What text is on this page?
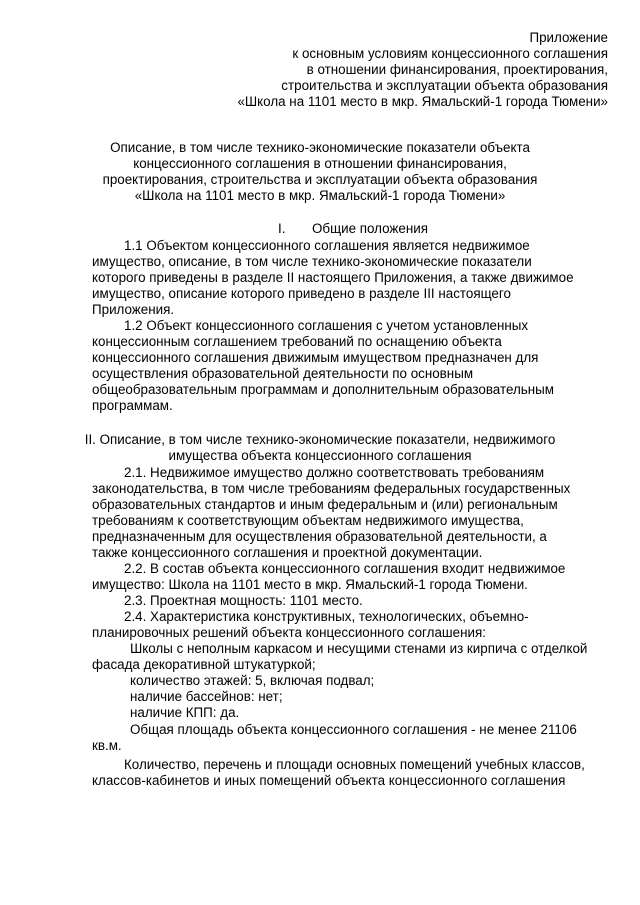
Приложение
к основным условиям концессионного соглашения
в отношении финансирования, проектирования,
строительства и эксплуатации объекта образования
«Школа на 1101 место в мкр. Ямальский-1 города Тюмени»
Описание, в том числе технико-экономические показатели объекта
концессионного соглашения в отношении финансирования,
проектирования, строительства и эксплуатации объекта образования
«Школа на 1101 место в мкр. Ямальский-1 города Тюмени»
I. Общие положения
1.1 Объектом концессионного соглашения является недвижимое
имущество, описание, в том числе технико-экономические показатели
которого приведены в разделе II настоящего Приложения, а также движимое
имущество, описание которого приведено в разделе III настоящего
Приложения.
1.2 Объект концессионного соглашения с учетом установленных
концессионным соглашением требований по оснащению объекта
концессионного соглашения движимым имуществом предназначен для
осуществления образовательной деятельности по основным
общеобразовательным программам и дополнительным образовательным
программам.
II. Описание, в том числе технико-экономические показатели, недвижимого
имущества объекта концессионного соглашения
2.1. Недвижимое имущество должно соответствовать требованиям
законодательства, в том числе требованиям федеральных государственных
образовательных стандартов и иным федеральным и (или) региональным
требованиям к соответствующим объектам недвижимого имущества,
предназначенным для осуществления образовательной деятельности, а
также концессионного соглашения и проектной документации.
2.2. В состав объекта концессионного соглашения входит недвижимое
имущество: Школа на 1101 место в мкр. Ямальский-1 города Тюмени.
2.3. Проектная мощность: 1101 место.
2.4. Характеристика конструктивных, технологических, объемно-
планировочных решений объекта концессионного соглашения:
Школы с неполным каркасом и несущими стенами из кирпича с отделкой
фасада декоративной штукатуркой;
количество этажей: 5, включая подвал;
наличие бассейнов: нет;
наличие КПП: да.
Общая площадь объекта концессионного соглашения - не менее 21106
кв.м.
Количество, перечень и площади основных помещений учебных классов,
классов-кабинетов и иных помещений объекта концессионного соглашения
